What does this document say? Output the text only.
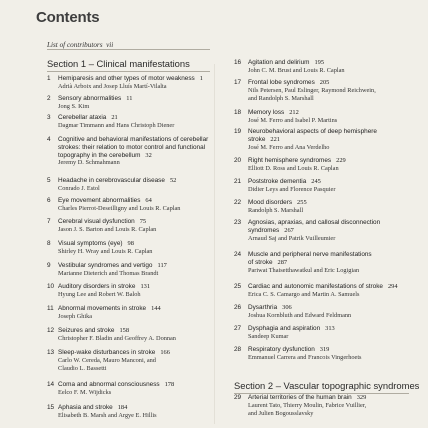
Contents
List of contributors vii
Section 1 – Clinical manifestations
Section 2 – Vascular topographic syndromes
1 Hemiparesis and other types of motor weakness 1
Adrià Arboix and Josep Lluís Martí-Vilalta
2 Sensory abnormalities 11
Jong S. Kim
3 Cerebellar ataxia 21
Dagmar Timmann and Hans Christoph Diener
4 Cognitive and behavioral manifestations of cerebellar
strokes: their relation to motor control and functional
topography in the cerebellum 32
Jeremy D. Schmahmann
5 Headache in cerebrovascular disease 52
Conrado J. Estol
6 Eye movement abnormalities 64
Charles Pierrot-Deseilligny and Louis R. Caplan
7 Cerebral visual dysfunction 75
Jason J. S. Barton and Louis R. Caplan
8 Visual symptoms (eye) 98
Shirley H. Wray and Louis R. Caplan
9 Vestibular syndromes and vertigo 117
Marianne Dieterich and Thomas Brandt
10 Auditory disorders in stroke 131
Hyung Lee and Robert W. Baloh
11 Abnormal movements in stroke 144
Joseph Ghika
12 Seizures and stroke 158
Christopher F. Bladin and Geoffrey A. Donnan
13 Sleep-wake disturbances in stroke 166
Carlo W. Cereda, Mauro Manconi, and
Claudio L. Bassetti
14 Coma and abnormal consciousness 178
Eelco F. M. Wijdicks
15 Aphasia and stroke 184
Elisabeth B. Marsh and Argye E. Hillis
16 Agitation and delirium 195
John C. M. Brust and Louis R. Caplan
17 Frontal lobe syndromes 205
Nils Petersen, Paul Eslinger, Raymond Reichwein,
and Randolph S. Marshall
18 Memory loss 212
José M. Ferro and Isabel P. Martins
19 Neurobehavioral aspects of deep hemisphere
stroke 221
José M. Ferro and Ana Verdelho
20 Right hemisphere syndromes 229
Elliott D. Ross and Louis R. Caplan
21 Poststroke dementia 245
Didier Leys and Florence Pasquier
22 Mood disorders 255
Randolph S. Marshall
23 Agnosias, apraxias, and callosal disconnection
syndromes 267
Arnaud Saj and Patrik Vuilleumier
24 Muscle and peripheral nerve manifestations
of stroke 287
Pariwat Thaisetthawatkul and Eric Logigian
25 Cardiac and autonomic manifestations of stroke 294
Erica C. S. Camargo and Martin A. Samuels
26 Dysarthria 306
Joshua Kornbluth and Edward Feldmann
27 Dysphagia and aspiration 313
Sandeep Kumar
28 Respiratory dysfunction 319
Emmanuel Carrera and Francois Vingerhoets
29 Arterial territories of the human brain 329
Laurent Tato, Thierry Moulin, Fabrice Vuillier,
and Julien Bogousslavsky
